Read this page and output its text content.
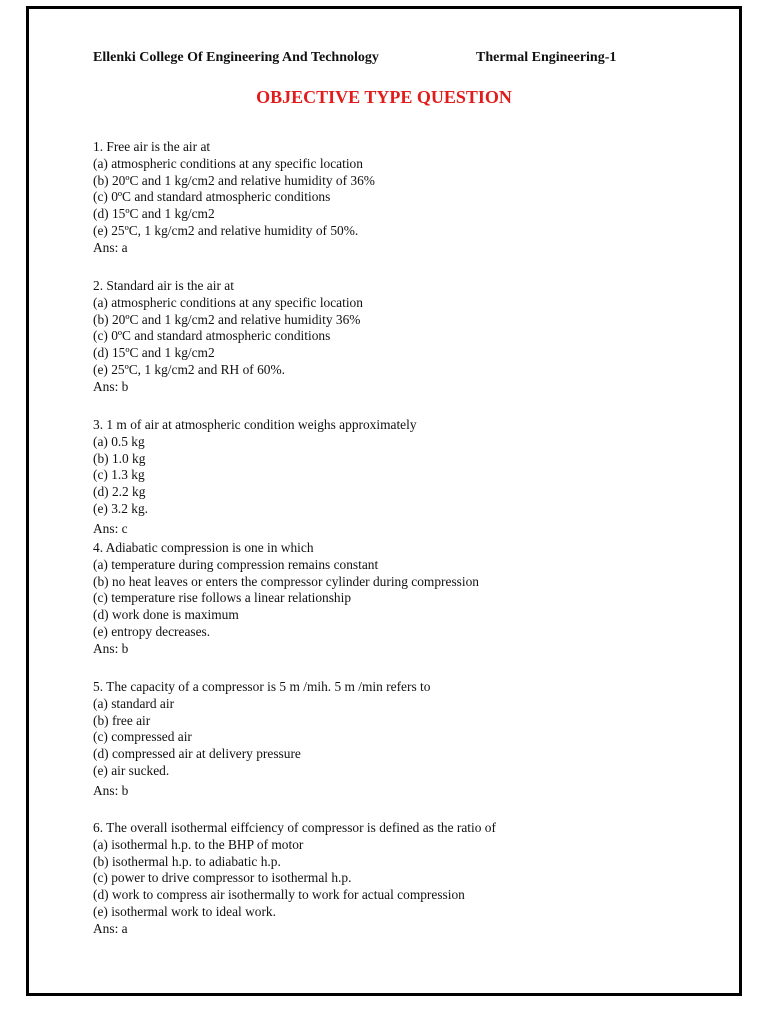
Ellenki College Of Engineering And Technology	Thermal Engineering-1
OBJECTIVE TYPE QUESTION
1. Free air is the air at
(a) atmospheric conditions at any specific location
(b) 20ºC and 1 kg/cm2 and relative humidity of 36%
(c) 0ºC and standard atmospheric conditions
(d) 15ºC and 1 kg/cm2
(e) 25ºC, 1 kg/cm2 and relative humidity of 50%.
Ans: a
2. Standard air is the air at
(a) atmospheric conditions at any specific location
(b) 20ºC and 1 kg/cm2 and relative humidity 36%
(c) 0ºC and standard atmospheric conditions
(d) 15ºC and 1 kg/cm2
(e) 25ºC, 1 kg/cm2 and RH of 60%.
Ans: b
3. 1 m of air at atmospheric condition weighs approximately
(a) 0.5 kg
(b) 1.0 kg
(c) 1.3 kg
(d) 2.2 kg
(e) 3.2 kg.
Ans: c
4. Adiabatic compression is one in which
(a) temperature during compression remains constant
(b) no heat leaves or enters the compressor cylinder during compression
(c) temperature rise follows a linear relationship
(d) work done is maximum
(e) entropy decreases.
Ans: b
5. The capacity of a compressor is 5 m /mih. 5 m /min refers to
(a) standard air
(b) free air
(c) compressed air
(d) compressed air at delivery pressure
(e) air sucked.
Ans: b
6. The overall isothermal eiffciency of compressor is defined as the ratio of
(a) isothermal h.p. to the BHP of motor
(b) isothermal h.p. to adiabatic h.p.
(c) power to drive compressor to isothermal h.p.
(d) work to compress air isothermally to work for actual compression
(e) isothermal work to ideal work.
Ans: a
